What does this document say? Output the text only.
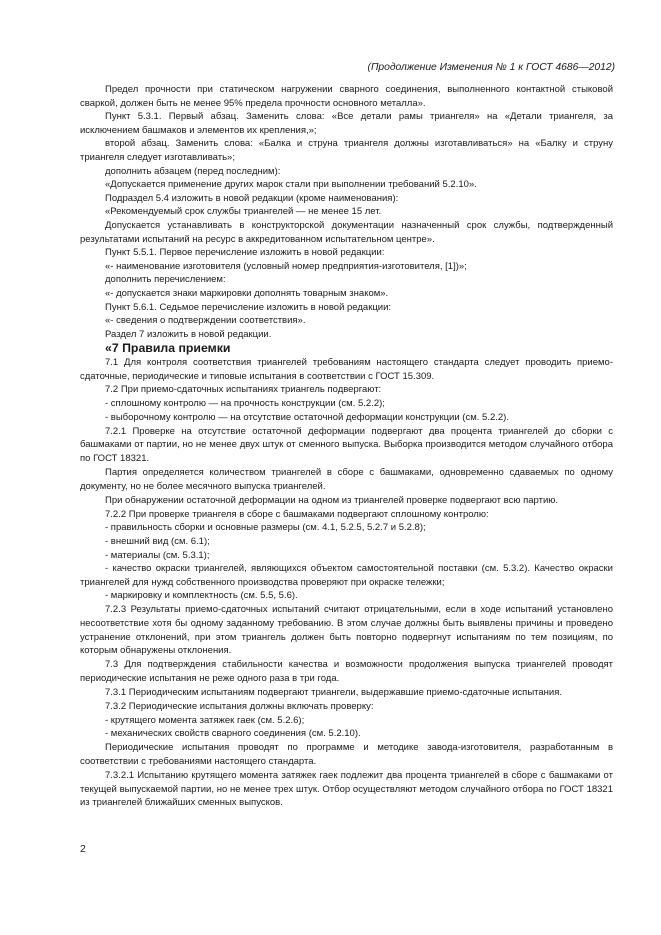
(Продолжение Изменения № 1 к ГОСТ 4686—2012)

Предел прочности при статическом нагружении сварного соединения, выполненного контактной стыковой сваркой, должен быть не менее 95% предела прочности основного металла».

Пункт 5.3.1. Первый абзац. Заменить слова: «Все детали рамы триангеля» на «Детали триангеля, за исключением башмаков и элементов их крепления,»;

второй абзац. Заменить слова: «Балка и струна триангеля должны изготавливаться» на «Балку и струну триангеля следует изготавливать»;

дополнить абзацем (перед последним):

«Допускается применение других марок стали при выполнении требований 5.2.10».

Подраздел 5.4 изложить в новой редакции (кроме наименования):

«Рекомендуемый срок службы триангелей — не менее 15 лет.

Допускается устанавливать в конструкторской документации назначенный срок службы, подтвержденный результатами испытаний на ресурс в аккредитованном испытательном центре».

Пункт 5.5.1. Первое перечисление изложить в новой редакции:

«- наименование изготовителя (условный номер предприятия-изготовителя, [1])»;

дополнить перечислением:

«- допускается знаки маркировки дополнять товарным знаком».

Пункт 5.6.1. Седьмое перечисление изложить в новой редакции:

«- сведения о подтверждении соответствия».

Раздел 7 изложить в новой редакции.

«7 Правила приемки

7.1 Для контроля соответствия триангелей требованиям настоящего стандарта следует проводить приемо-сдаточные, периодические и типовые испытания в соответствии с ГОСТ 15.309.

7.2 При приемо-сдаточных испытаниях триангель подвергают:

- сплошному контролю — на прочность конструкции (см. 5.2.2);

- выборочному контролю — на отсутствие остаточной деформации конструкции (см. 5.2.2).

7.2.1 Проверке на отсутствие остаточной деформации подвергают два процента триангелей до сборки с башмаками от партии, но не менее двух штук от сменного выпуска. Выборка производится методом случайного отбора по ГОСТ 18321.

Партия определяется количеством триангелей в сборе с башмаками, одновременно сдаваемых по одному документу, но не более месячного выпуска триангелей.

При обнаружении остаточной деформации на одном из триангелей проверке подвергают всю партию.

7.2.2 При проверке триангеля в сборе с башмаками подвергают сплошному контролю:

- правильность сборки и основные размеры (см. 4.1, 5.2.5, 5.2.7 и 5.2.8);

- внешний вид (см. 6.1);

- материалы (см. 5.3.1);

- качество окраски триангелей, являющихся объектом самостоятельной поставки (см. 5.3.2). Качество окраски триангелей для нужд собственного производства проверяют при окраске тележки;

- маркировку и комплектность (см. 5.5, 5.6).

7.2.3 Результаты приемо-сдаточных испытаний считают отрицательными, если в ходе испытаний установлено несоответствие хотя бы одному заданному требованию. В этом случае должны быть выявлены причины и проведено устранение отклонений, при этом триангель должен быть повторно подвергнут испытаниям по тем позициям, по которым обнаружены отклонения.

7.3 Для подтверждения стабильности качества и возможности продолжения выпуска триангелей проводят периодические испытания не реже одного раза в три года.

7.3.1 Периодическим испытаниям подвергают триангели, выдержавшие приемо-сдаточные испытания.

7.3.2 Периодические испытания должны включать проверку:

- крутящего момента затяжек гаек (см. 5.2.6);

- механических свойств сварного соединения (см. 5.2.10).

Периодические испытания проводят по программе и методике завода-изготовителя, разработанным в соответствии с требованиями настоящего стандарта.

7.3.2.1 Испытанию крутящего момента затяжек гаек подлежит два процента триангелей в сборе с башмаками от текущей выпускаемой партии, но не менее трех штук. Отбор осуществляют методом случайного отбора по ГОСТ 18321 из триангелей ближайших сменных выпусков.

2
